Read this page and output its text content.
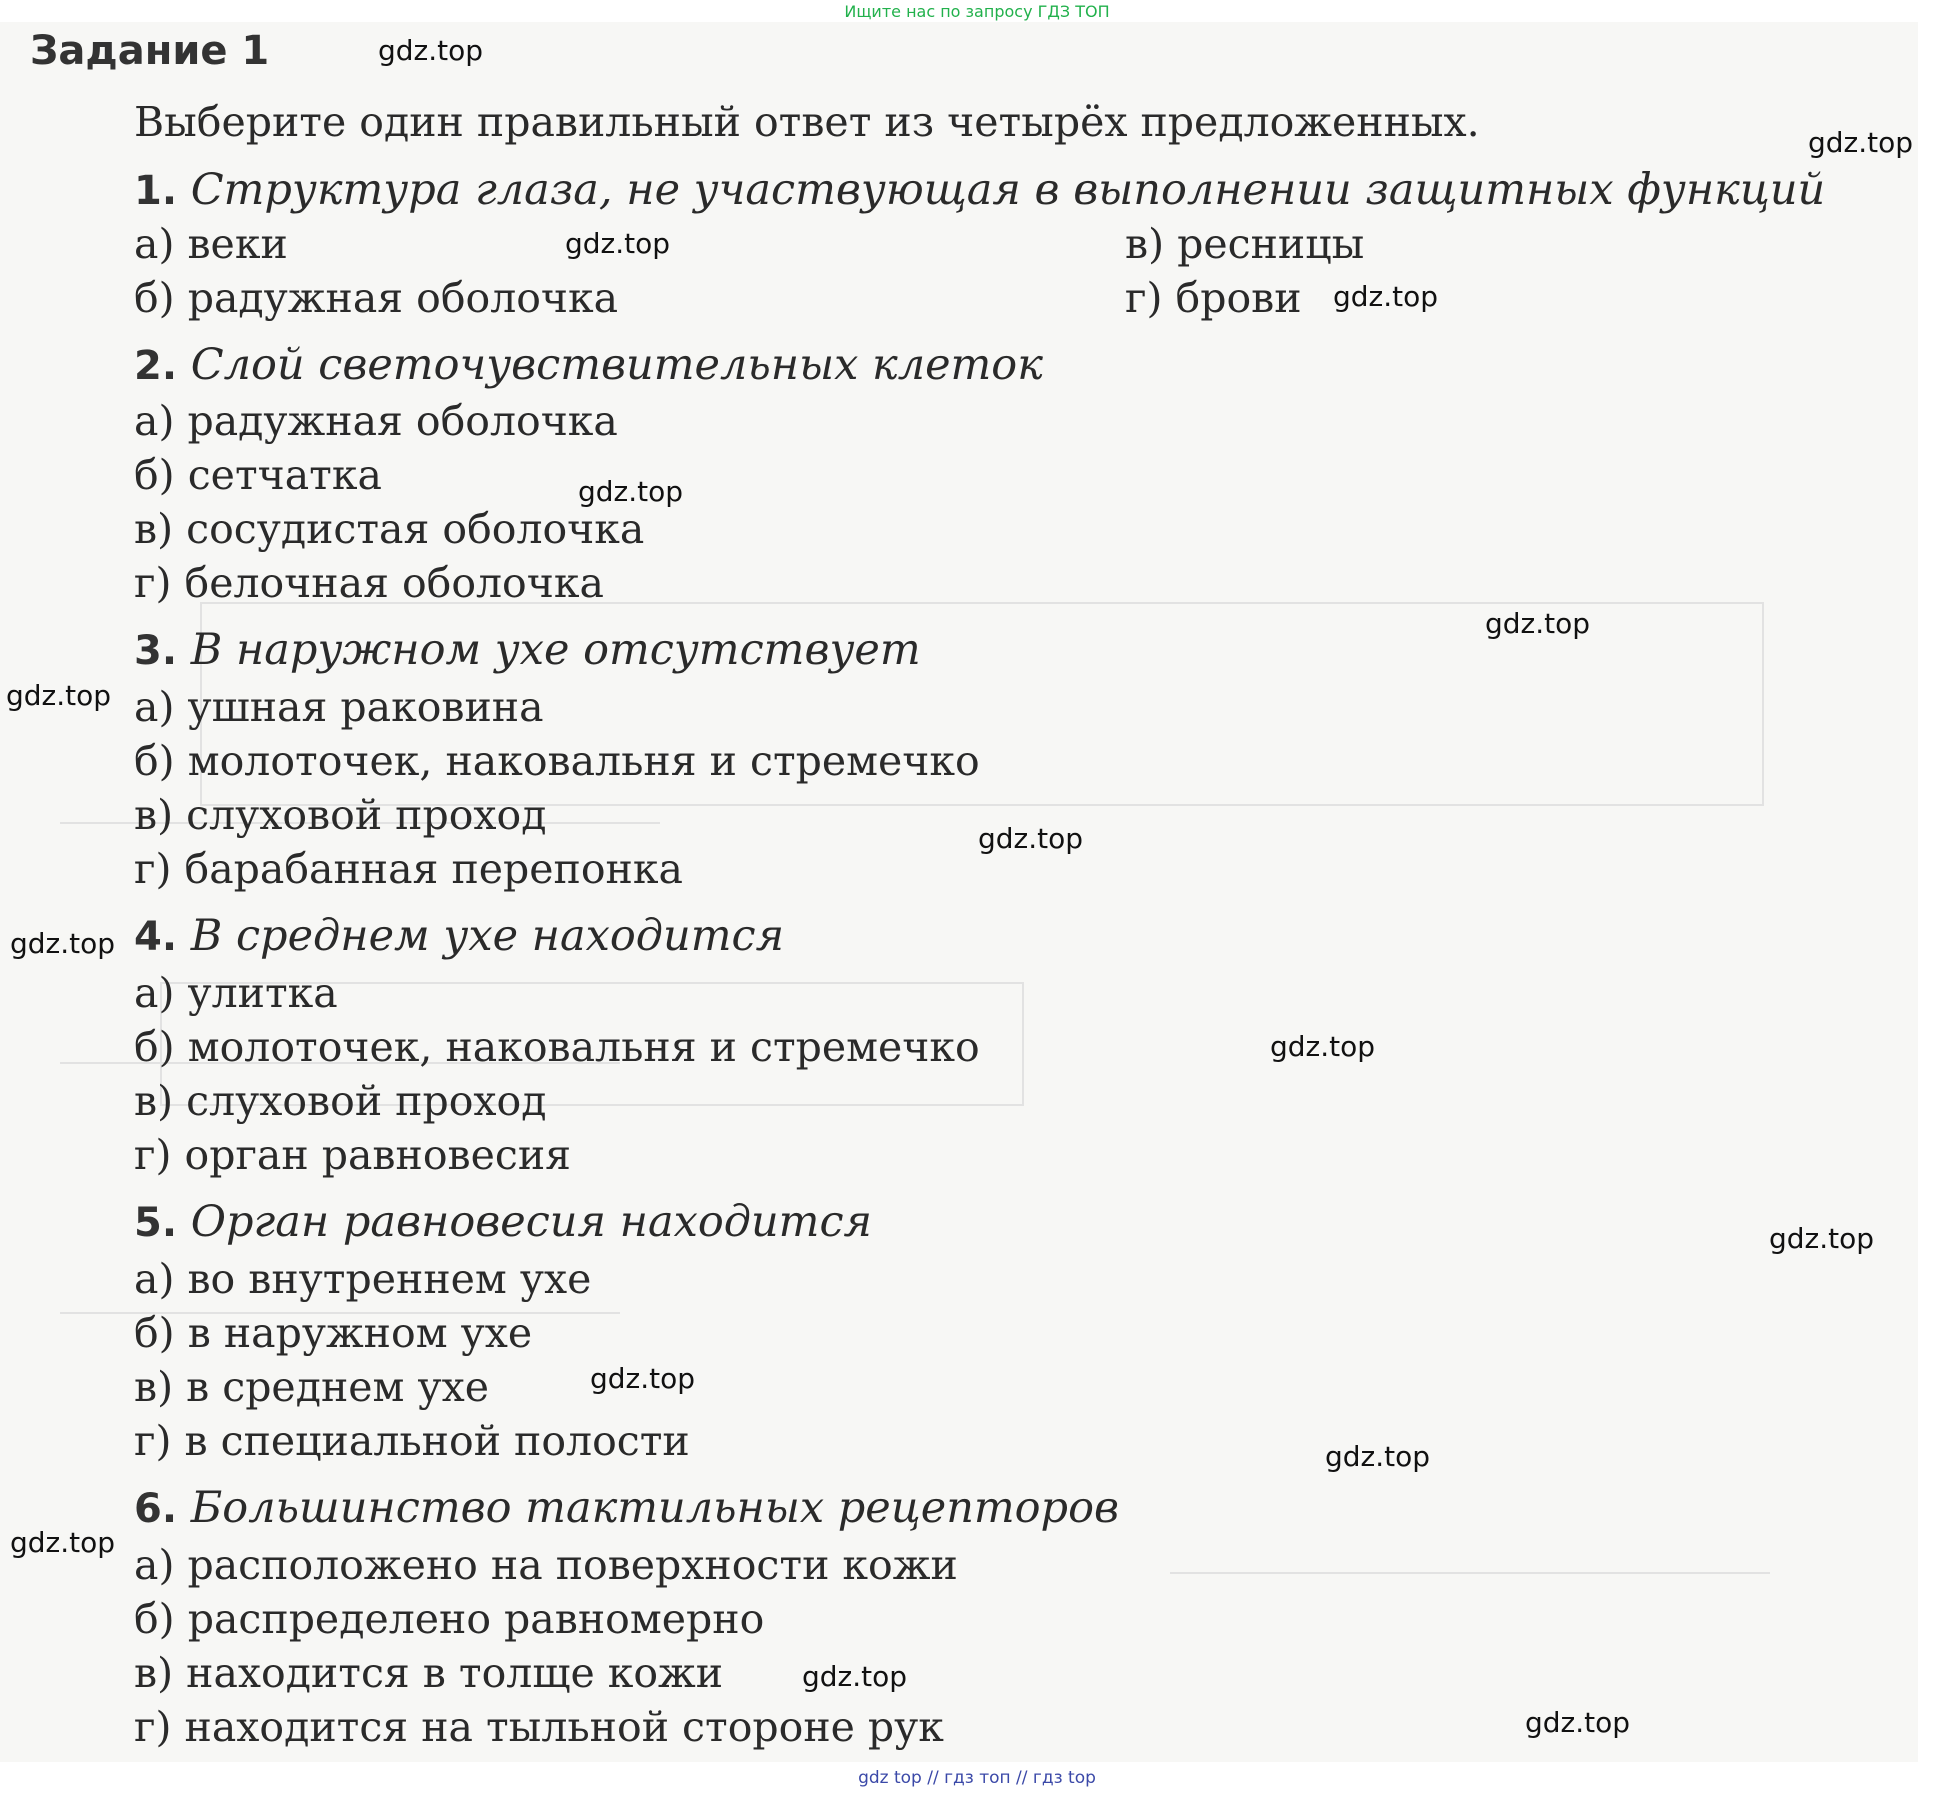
Ищите нас по запросу ГДЗ ТОП
Задание 1
Выберите один правильный ответ из четырёх предложенных.
1. Структура глаза, не участвующая в выполнении защитных функций
а) веки
б) радужная оболочка
в) ресницы
г) брови
2. Слой светочувствительных клеток
а) радужная оболочка
б) сетчатка
в) сосудистая оболочка
г) белочная оболочка
3. В наружном ухе отсутствует
а) ушная раковина
б) молоточек, наковальня и стремечко
в) слуховой проход
г) барабанная перепонка
4. В среднем ухе находится
а) улитка
б) молоточек, наковальня и стремечко
в) слуховой проход
г) орган равновесия
5. Орган равновесия находится
а) во внутреннем ухе
б) в наружном ухе
в) в среднем ухе
г) в специальной полости
6. Большинство тактильных рецепторов
а) расположено на поверхности кожи
б) распределено равномерно
в) находится в толще кожи
г) находится на тыльной стороне рук
gdz.top
gdz.top
gdz.top
gdz.top
gdz.top
gdz.top
gdz.top
gdz.top
gdz.top
gdz.top
gdz.top
gdz.top
gdz.top
gdz.top
gdz.top
gdz.top
gdz top // гдз топ // гдз top
